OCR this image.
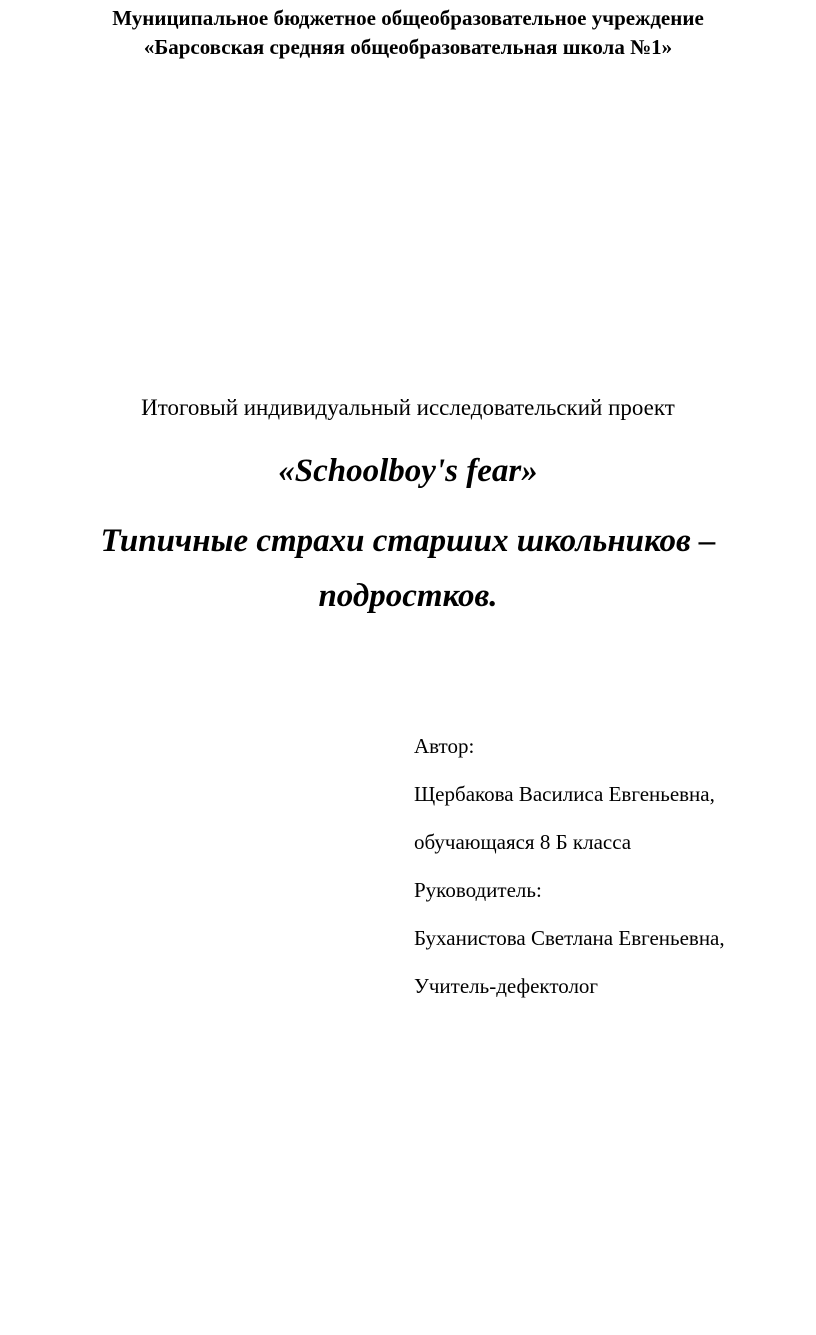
Муниципальное бюджетное общеобразовательное учреждение
«Барсовская средняя общеобразовательная школа №1»
Итоговый индивидуальный исследовательский проект
«Schoolboy's fear»
Типичные страхи старших школьников –
подростков.
Автор:
Щербакова Василиса Евгеньевна,
обучающаяся 8 Б класса
Руководитель:
Буханистова Светлана Евгеньевна,
Учитель-дефектолог
